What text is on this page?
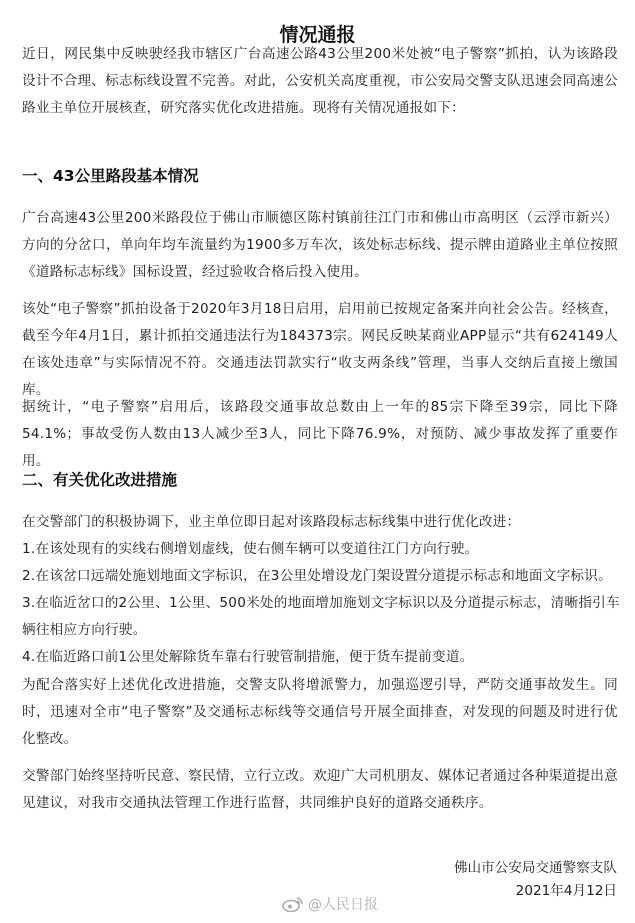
情况通报

近日，网民集中反映驶经我市辖区广台高速公路43公里200米处被“电子警察”抓拍，认为该路段设计不合理、标志标线设置不完善。对此，公安机关高度重视，市公安局交警支队迅速会同高速公路业主单位开展核查，研究落实优化改进措施。现将有关情况通报如下：

一、43公里路段基本情况

广台高速43公里200米路段位于佛山市顺德区陈村镇前往江门市和佛山市高明区（云浮市新兴）方向的分岔口，单向年均车流量约为1900多万车次，该处标志标线、提示牌由道路业主单位按照《道路标志标线》国标设置，经过验收合格后投入使用。

该处“电子警察”抓拍设备于2020年3月18日启用，启用前已按规定备案并向社会公告。经核查，截至今年4月1日，累计抓拍交通违法行为184373宗。网民反映某商业APP显示“共有624149人在该处违章”与实际情况不符。交通违法罚款实行“收支两条线”管理，当事人交纳后直接上缴国库。

据统计，“电子警察”启用后，该路段交通事故总数由上一年的85宗下降至39宗，同比下降54.1%；事故受伤人数由13人减少至3人，同比下降76.9%，对预防、减少事故发挥了重要作用。

二、有关优化改进措施

在交警部门的积极协调下，业主单位即日起对该路段标志标线集中进行优化改进：

1.在该处现有的实线右侧增划虚线，使右侧车辆可以变道往江门方向行驶。
2.在该岔口远端处施划地面文字标识，在3公里处增设龙门架设置分道提示标志和地面文字标识。
3.在临近岔口的2公里、1公里、500米处的地面增加施划文字标识以及分道提示标志，清晰指引车辆往相应方向行驶。
4.在临近路口前1公里处解除货车靠右行驶管制措施，便于货车提前变道。

为配合落实好上述优化改进措施，交警支队将增派警力，加强巡逻引导，严防交通事故发生。同时，迅速对全市“电子警察”及交通标志标线等交通信号开展全面排查，对发现的问题及时进行优化整改。

交警部门始终坚持听民意、察民情，立行立改。欢迎广大司机朋友、媒体记者通过各种渠道提出意见建议，对我市交通执法管理工作进行监督，共同维护良好的道路交通秩序。

佛山市公安局交通警察支队
2021年4月12日
@人民日报
